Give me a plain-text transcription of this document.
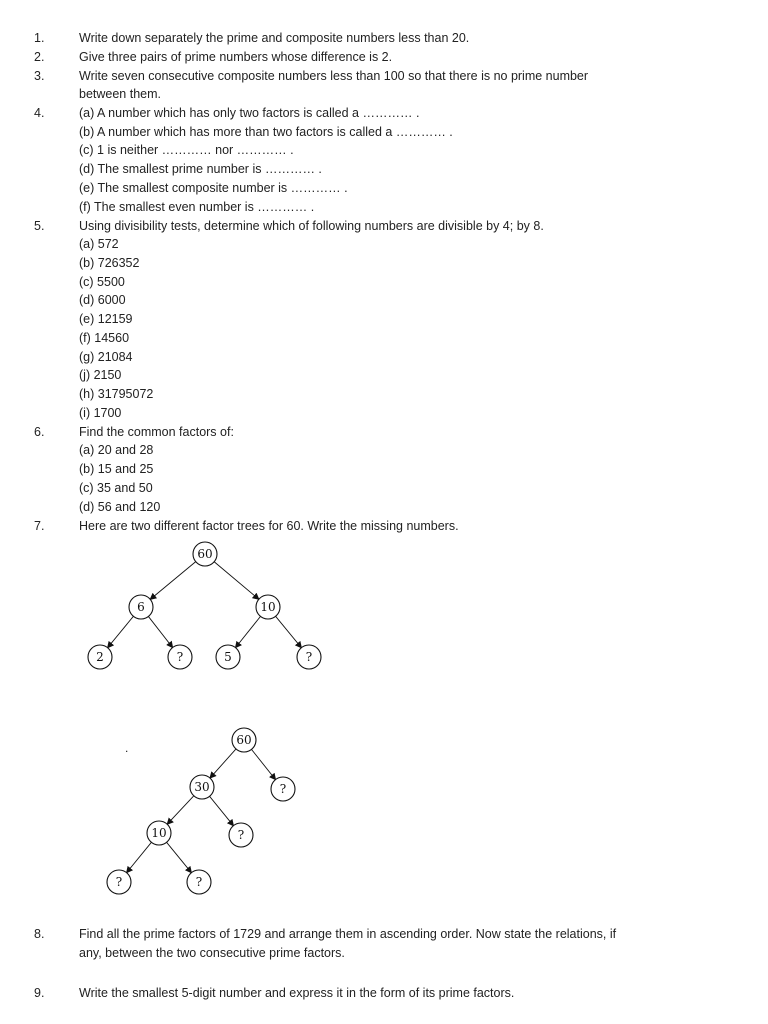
1.	Write down separately the prime and composite numbers less than 20.
2.	Give three pairs of prime numbers whose difference is 2.
3.	Write seven consecutive composite numbers less than 100 so that there is no prime number
between them.
4.	(a) A number which has only two factors is called a ………… .
(b) A number which has more than two factors is called a ………… .
(c) 1 is neither ………… nor ………… .
(d) The smallest prime number is ………… .
(e) The smallest composite number is ………… .
(f) The smallest even number is ………… .
5.	Using divisibility tests, determine which of following numbers are divisible by 4; by 8.
(a) 572
(b) 726352
(c) 5500
(d) 6000
(e) 12159
(f) 14560
(g) 21084
(j) 2150
(h) 31795072
(i) 1700
6.	Find the common factors of:
(a) 20 and 28
(b) 15 and 25
(c) 35 and 50
(d) 56 and 120
7.	Here are two different factor trees for 60. Write the missing numbers.
8.	Find all the prime factors of 1729 and arrange them in ascending order. Now state the relations, if
any, between the two consecutive prime factors.
9.	Write the smallest 5-digit number and express it in the form of its prime factors.
60
6	10
2	?	5	?
60
30	?
10	?
?	?
.
